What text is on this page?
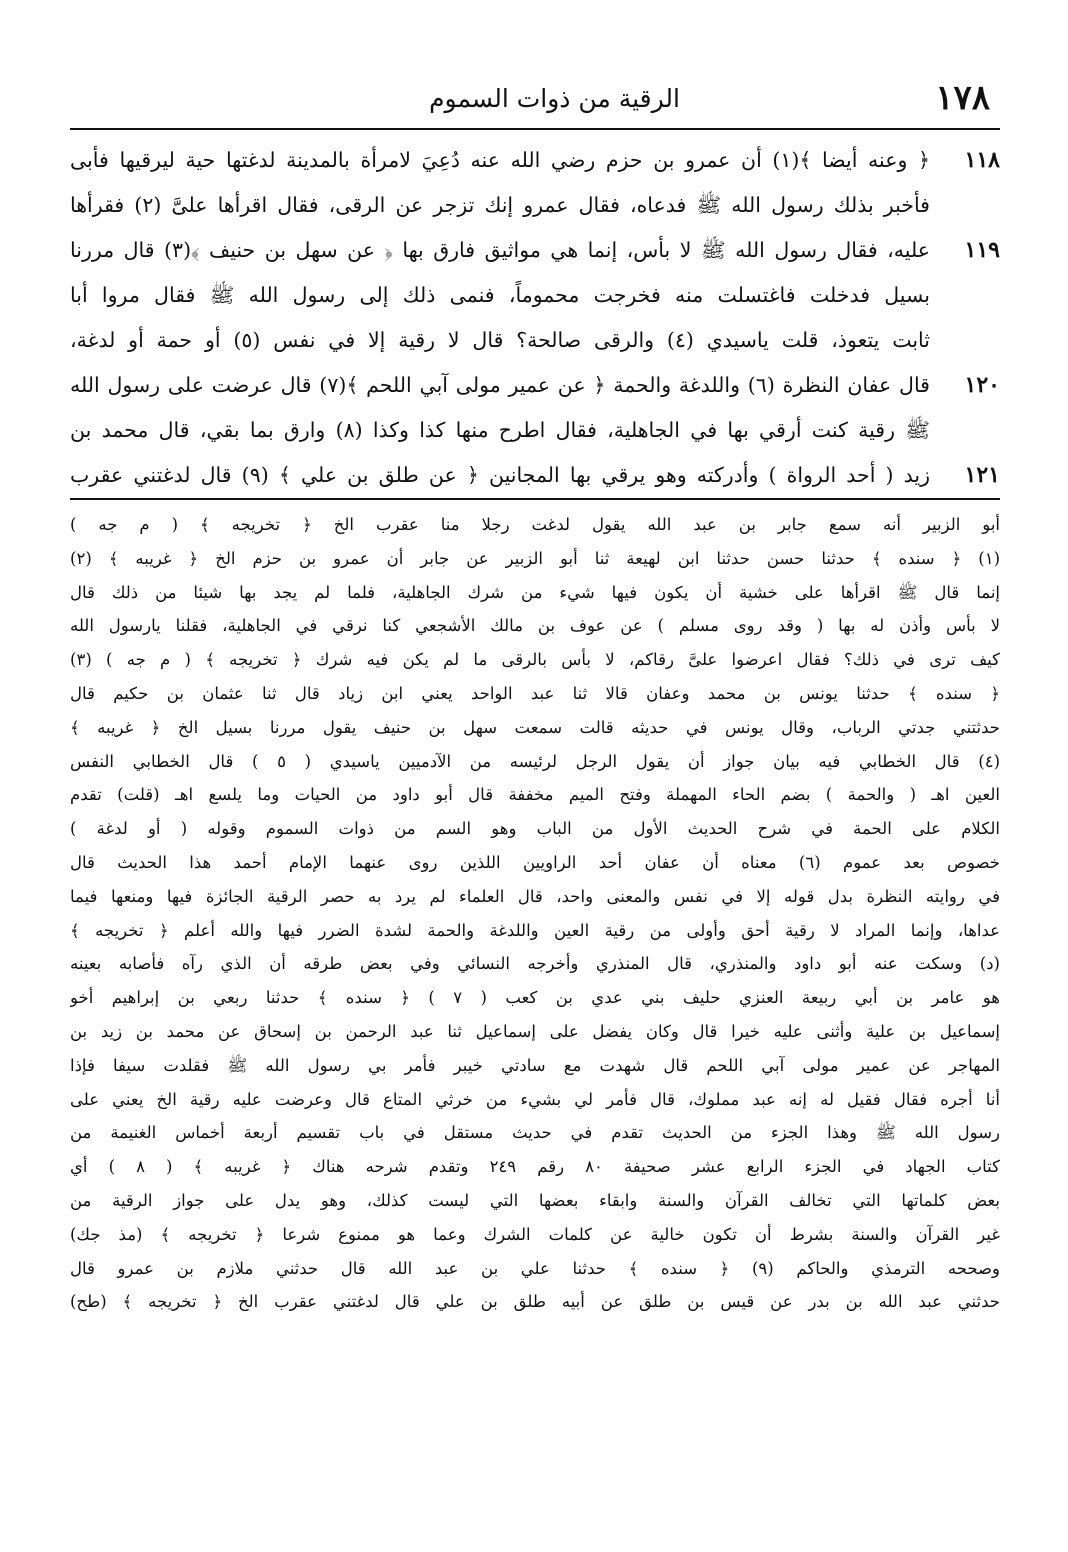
١٧٨
الرقية من ذوات السموم
١١٨
﴿ وعنه أيضا ﴾(١) أن عمرو بن حزم رضي الله عنه دُعِيَ لامرأة بالمدينة لدغتها حية ليرقيها فأبى
فأخبر بذلك رسول الله ﷺ فدعاه، فقال عمرو إنك تزجر عن الرقى، فقال اقرأها علىَّ (٢) فقرأها
١١٩
عليه، فقال رسول الله ﷺ لا بأس، إنما هي مواثيق فارق بها ﴿ عن سهل بن حنيف ﴾(٣) قال مررنا
بسيل فدخلت فاغتسلت منه فخرجت محموماً، فنمى ذلك إلى رسول الله ﷺ فقال مروا أبا
ثابت يتعوذ، قلت ياسيدي (٤) والرقى صالحة؟ قال لا رقية إلا في نفس (٥) أو حمة أو لدغة،
١٢٠
قال عفان النظرة (٦) واللدغة والحمة ﴿ عن عمير مولى آبي اللحم ﴾(٧) قال عرضت على رسول الله
ﷺ رقية كنت أرقي بها في الجاهلية، فقال اطرح منها كذا وكذا (٨) وارق بما بقي، قال محمد بن
١٢١
زيد ( أحد الرواة ) وأدركته وهو يرقي بها المجانين ﴿ عن طلق بن علي ﴾ (٩) قال لدغتني عقرب
أبو الزبير أنه سمع جابر بن عبد الله يقول لدغت رجلا منا عقرب الخ ﴿ تخريجه ﴾ ( م جه )
(١) ﴿ سنده ﴾ حدثنا حسن حدثنا ابن لهيعة ثنا أبو الزبير عن جابر أن عمرو بن حزم الخ ﴿ غريبه ﴾ (٢)
إنما قال ﷺ اقرأها على خشية أن يكون فيها شيء من شرك الجاهلية، فلما لم يجد بها شيئا من ذلك قال
لا بأس وأذن له بها ( وقد روى مسلم ) عن عوف بن مالك الأشجعي كنا نرقي في الجاهلية، فقلنا يارسول الله
كيف ترى في ذلك؟ فقال اعرضوا علىَّ رقاكم، لا بأس بالرقى ما لم يكن فيه شرك ﴿ تخريجه ﴾ ( م جه ) (٣)
﴿ سنده ﴾ حدثنا يونس بن محمد وعفان قالا ثنا عبد الواحد يعني ابن زياد قال ثنا عثمان بن حكيم قال
حدثتني جدتي الرباب، وقال يونس في حديثه قالت سمعت سهل بن حنيف يقول مررنا بسيل الخ ﴿ غريبه ﴾
(٤) قال الخطابي فيه بيان جواز أن يقول الرجل لرئيسه من الآدميين ياسيدي ( ٥ ) قال الخطابي النفس
العين اهـ ( والحمة ) بضم الحاء المهملة وفتح الميم مخففة قال أبو داود من الحيات وما يلسع اهـ (قلت) تقدم
الكلام على الحمة في شرح الحديث الأول من الباب وهو السم من ذوات السموم وقوله ( أو لدغة )
خصوص بعد عموم (٦) معناه أن عفان أحد الراويين اللذين روى عنهما الإمام أحمد هذا الحديث قال
في روايته النظرة بدل قوله إلا في نفس والمعنى واحد، قال العلماء لم يرد به حصر الرقية الجائزة فيها ومنعها فيما
عداها، وإنما المراد لا رقية أحق وأولى من رقية العين واللدغة والحمة لشدة الضرر فيها والله أعلم ﴿ تخريجه ﴾
(د) وسكت عنه أبو داود والمنذري، قال المنذري وأخرجه النسائي وفي بعض طرقه أن الذي رآه فأصابه بعينه
هو عامر بن أبي ربيعة العنزي حليف بني عدي بن كعب ( ٧ ) ﴿ سنده ﴾ حدثنا ربعي بن إبراهيم أخو
إسماعيل بن علية وأثنى عليه خيرا قال وكان يفضل على إسماعيل ثنا عبد الرحمن بن إسحاق عن محمد بن زيد بن
المهاجر عن عمير مولى آبي اللحم قال شهدت مع سادتي خيبر فأمر بي رسول الله ﷺ فقلدت سيفا فإذا
أنا أجره فقال فقيل له إنه عبد مملوك، قال فأمر لي بشيء من خرثي المتاع قال وعرضت عليه رقية الخ يعني على
رسول الله ﷺ وهذا الجزء من الحديث تقدم في حديث مستقل في باب تقسيم أربعة أخماس الغنيمة من
كتاب الجهاد في الجزء الرابع عشر صحيفة ٨٠ رقم ٢٤٩ وتقدم شرحه هناك ﴿ غريبه ﴾ ( ٨ ) أي
بعض كلماتها التي تخالف القرآن والسنة وابقاء بعضها التي ليست كذلك، وهو يدل على جواز الرقية من
غير القرآن والسنة بشرط أن تكون خالية عن كلمات الشرك وعما هو ممنوع شرعا ﴿ تخريجه ﴾ (مذ جك)
وصححه الترمذي والحاكم (٩) ﴿ سنده ﴾ حدثنا علي بن عبد الله قال حدثني ملازم بن عمرو قال
حدثني عبد الله بن بدر عن قيس بن طلق عن أبيه طلق بن علي قال لدغتني عقرب الخ ﴿ تخريجه ﴾ (طح)
